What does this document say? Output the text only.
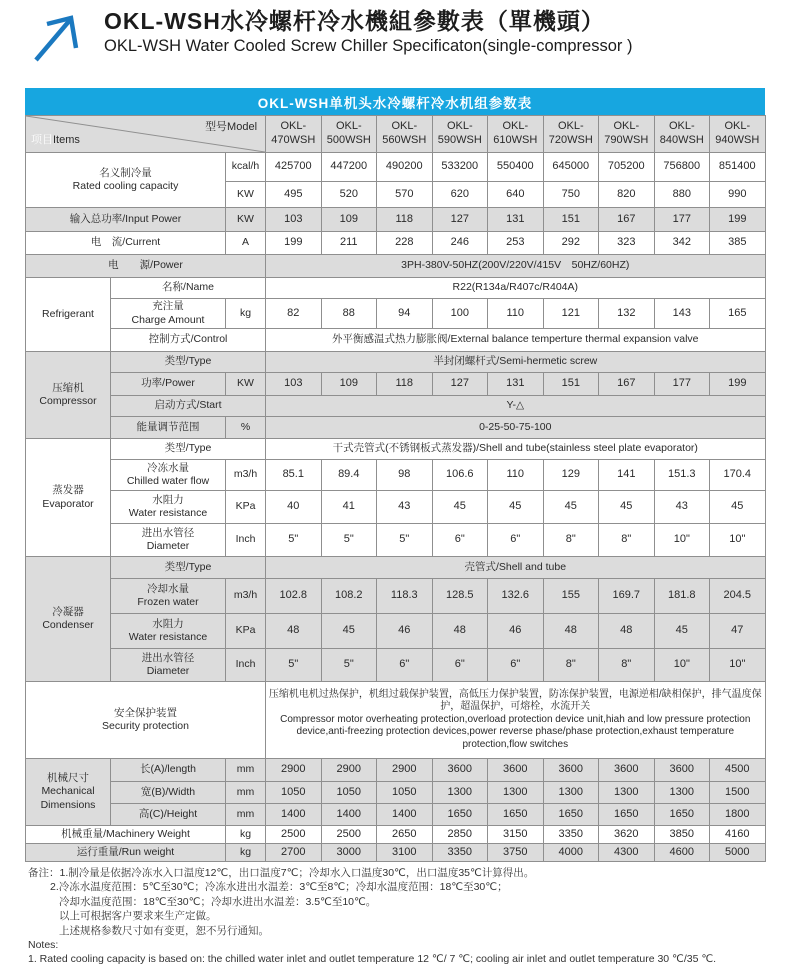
OKL-WSH水冷螺杆冷水機組參數表（單機頭）
OKL-WSH Water Cooled Screw Chiller Specificaton(single-compressor )
OKL-WSH单机头水冷螺杆冷水机组参数表
项目Items
型号Model			OKL-470WSH	OKL-500WSH	OKL-560WSH	OKL-590WSH	OKL-610WSH	OKL-720WSH	OKL-790WSH	OKL-840WSH	OKL-940WSH

名义制冷量
Rated cooling capacity		kcal/h	425700	447200	490200	533200	550400	645000	705200	756800	851400
		KW	495	520	570	620	640	750	820	880	990
输入总功率/Input Power		KW	103	109	118	127	131	151	167	177	199
电　流/Current		A	199	211	228	246	253	292	323	342	385
电　　源/Power			3PH-380V-50HZ(200V/220V/415V　50HZ/60HZ)								
Refrigerant	名称/Name		R22(R134a/R407c/R404A)								

	充注量
Charge Amount	kg	82	88	94	100	110	121	132	143	165
	控制方式/Control		外平衡感温式热力膨胀阀/External balance temperture thermal expansion valve								

压缩机
Compressor	类型/Type		半封闭螺杆式/Semi-hermetic screw								
	功率/Power	KW	103	109	118	127	131	151	167	177	199
	启动方式/Start		Y-△								
	能量调节范围	%	0-25-50-75-100								

蒸发器
Evaporator	类型/Type		干式壳管式(不锈钢板式蒸发器)/Shell and tube(stainless steel plate evaporator)								

	冷冻水量
Chilled water flow	m3/h	85.1	89.4	98	106.6	110	129	141	151.3	170.4

	水阻力
Water resistance	KPa	40	41	43	45	45	45	45	43	45

	进出水管径
Diameter	Inch	5"	5"	5"	6"	6"	8"	8"	10"	10"

冷凝器
Condenser	类型/Type		壳管式/Shell and tube								

	冷却水量
Frozen water	m3/h	102.8	108.2	118.3	128.5	132.6	155	169.7	181.8	204.5

	水阻力
Water resistance	KPa	48	45	46	48	46	48	48	45	47

	进出水管径
Diameter	Inch	5"	5"	6"	6"	6"	8"	8"	10"	10"

安全保护装置
Security protection			压缩机电机过热保护，机组过载保护装置，高低压力保护装置，防冻保护装置，电源逆相/缺相保护，排气温度保护，超温保护，可熔栓，水流开关
Compressor motor overheating protection,overload protection device unit,hiah and low pressure protection device,anti-freezing protection devices,power reverse phase/phase protection,exhaust temperature protection,flow switches								

机械尺寸
Mechanical Dimensions	长(A)/length	mm	2900	2900	2900	3600	3600	3600	3600	3600	4500
	宽(B)/Width	mm	1050	1050	1050	1300	1300	1300	1300	1300	1500
	高(C)/Height	mm	1400	1400	1400	1650	1650	1650	1650	1650	1800
机械重量/Machinery Weight		kg	2500	2500	2650	2850	3150	3350	3620	3850	4160
运行重量/Run weight		kg	2700	3000	3100	3350	3750	4000	4300	4600	5000
备注：1.制冷量是依据冷冻水入口温度12℃，出口温度7℃；冷却水入口温度30℃，出口温度35℃计算得出。
2.冷冻水温度范围：5℃至30℃；冷冻水进出水温差：3℃至8℃；冷却水温度范围：18℃至30℃；
冷却水温度范围：18℃至30℃；冷却水进出水温差：3.5℃至10℃。
以上可根据客户要求来生产定做。
上述规格参数尺寸如有变更，恕不另行通知。
Notes:
1. Rated cooling capacity is based on: the chilled water inlet and outlet temperature 12 ℃/ 7 ℃; cooling air inlet and outlet temperature 30 ℃/35 ℃.
